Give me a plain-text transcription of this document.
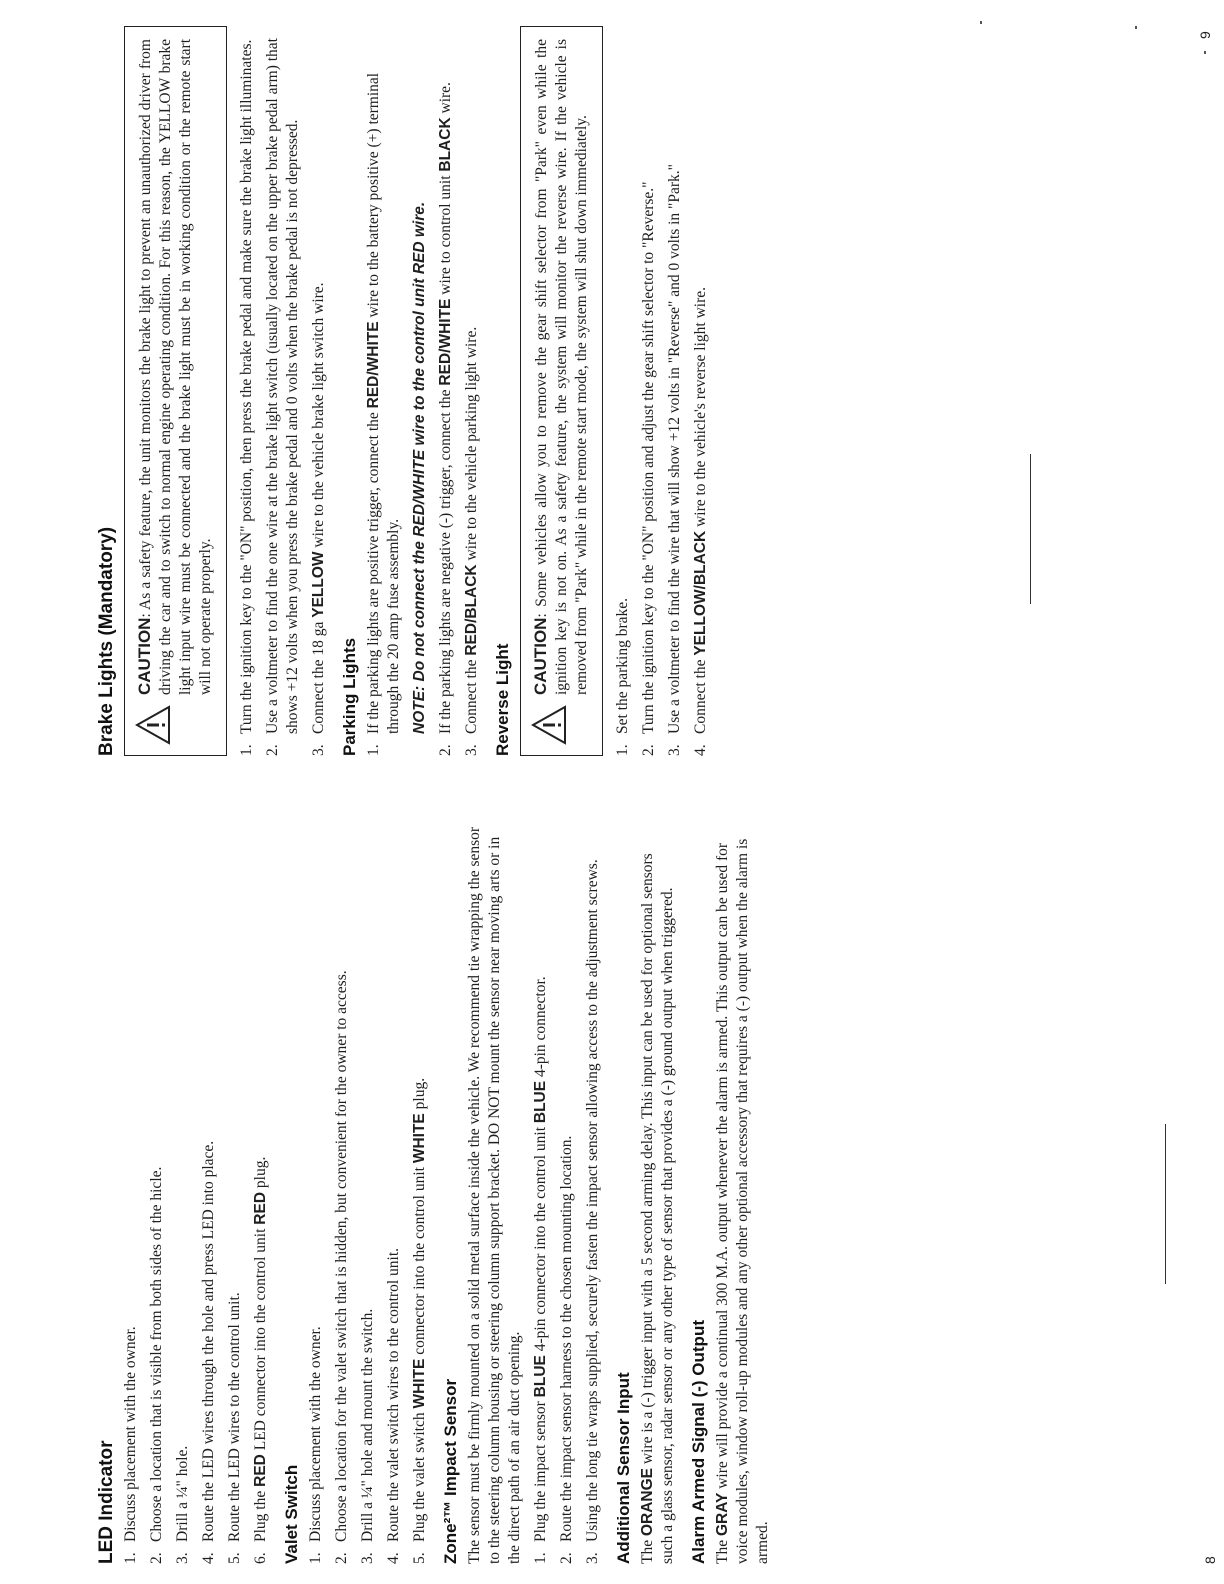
LED Indicator 1.
Discuss placement with the owner.
2.
Choose a location that is visible from both sides of the hicle.
3.
Drill a ¼" hole.
4.
Route the LED wires through the hole and press LED into place.
5.
Route the LED wires to the control unit.
6.
Plug the RED LED connector into the control unit RED plug.
Valet Switch 1.
Discuss placement with the owner.
2.
Choose a location for the valet switch that is hidden, but convenient for the owner to access.
3.
Drill a ¼" hole and mount the switch.
4.
Route the valet switch wires to the control unit.
5.
Plug the valet switch WHITE connector into the control unit WHITE plug.
Zone²™ Impact Sensor The sensor must be firmly mounted on a solid metal surface inside the vehicle. We recommend tie wrapping the sensor to the steering column housing or steering column support bracket. DO NOT mount the sensor near moving arts or in the direct path of an air duct opening. 1.
Plug the impact sensor BLUE 4-pin connector into the control unit BLUE 4-pin connector.
2.
Route the impact sensor harness to the chosen mounting location.
3.
Using the long tie wraps supplied, securely fasten the impact sensor allowing access to the adjustment screws. Additional Sensor Input The ORANGE wire is a (-) trigger input with a 5 second arming delay. This input can be used for optional sensors such a glass sensor, radar sensor or any other type of sensor that provides a (-) ground output when triggered. Alarm Armed Signal (-) Output The GRAY wire will provide a continual 300 M.A. output whenever the alarm is armed. This output can be used for voice modules, window roll-up modules and any other optional accessory that requires a (-) output when the alarm is armed.	8
Brake Lights (Mandatory) CAUTION: As a safety feature, the unit monitors the brake light to prevent an unauthorized driver from driving the car and to switch to normal engine operating condition. For this reason, the YELLOW brake light input wire must be connected and the brake light must be in working condition or the remote start will not operate properly.
1.
Turn the ignition key to the "ON" position, then press the brake pedal and make sure the brake light illuminates.
2.
Use a voltmeter to find the one wire at the brake light switch (usually located on the upper brake pedal arm) that shows +12 volts when you press the brake pedal and 0 volts when the brake pedal is not depressed.
3.
Connect the 18 ga YELLOW wire to the vehicle brake light switch wire.
Parking Lights 1.
If the parking lights are positive trigger, connect the RED/WHITE wire to the battery positive (+) terminal through the 20 amp fuse assembly. NOTE: Do not connect the RED/WHITE wire to the control unit RED wire.
2.
If the parking lights are negative (-) trigger, connect the RED/WHITE wire to control unit BLACK wire.
3.
Connect the RED/BLACK wire to the vehicle parking light wire.
Reverse Light CAUTION: Some vehicles allow you to remove the gear shift selector from "Park" even while the ignition key is not on. As a safety feature, the system will monitor the reverse wire. If the vehicle is removed from "Park" while in the remote start mode, the system will shut down immediately.
1.
Set the parking brake.
2.
Turn the ignition key to the "ON" position and adjust the gear shift selector to "Reverse."
3.
Use a voltmeter to find the wire that will show +12 volts in "Reverse" and 0 volts in "Park."
4.
Connect the YELLOW/BLACK wire to the vehicle's reverse light wire.
9
